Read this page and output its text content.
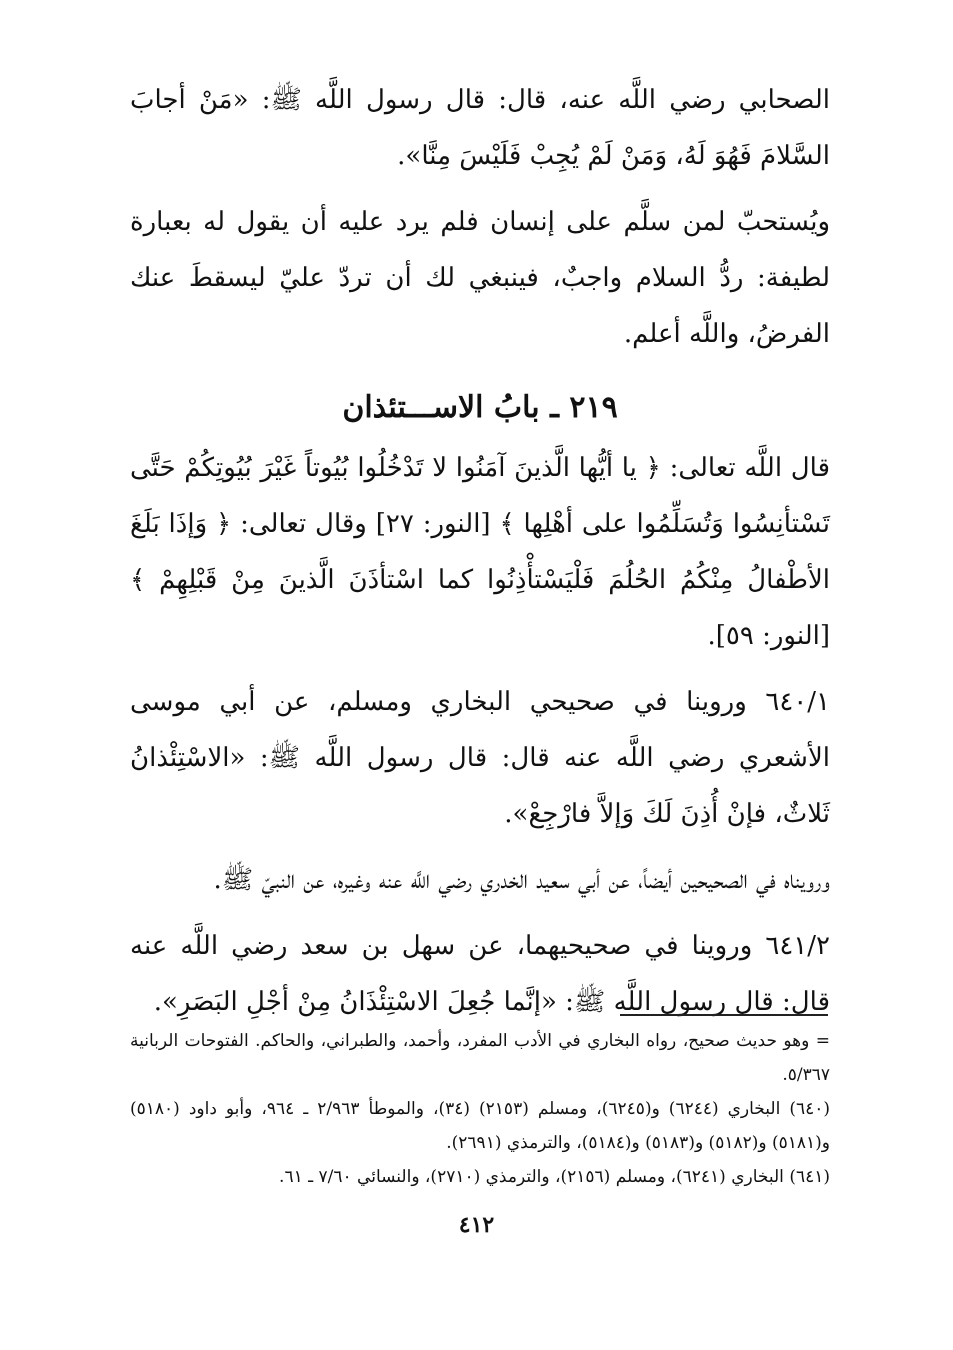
الصحابي رضي اللَّه عنه، قال: قال رسول اللَّه ﷺ: «مَنْ أجابَ السَّلامَ فَهُوَ لَهُ، وَمَنْ لَمْ يُجِبْ فَلَيْسَ مِنَّا».

ويُستحبّ لمن سلَّم على إنسان فلم يرد عليه أن يقول له بعبارة لطيفة: ردُّ السلام واجبٌ، فينبغي لك أن تردّ عليّ ليسقطَ عنك الفرضُ، واللَّه أعلم.

٢١٩ ـ بابُ الاســـتئذان

قال اللَّه تعالى: ﴿ يا أيُّها الَّذينَ آمَنُوا لا تَدْخُلُوا بُيُوتاً غَيْرَ بُيُوتِكُمْ حَتَّى تَسْتأنِسُوا وَتُسَلِّمُوا على أهْلِها ﴾ [النور: ٢٧] وقال تعالى: ﴿ وَإذَا بَلَغَ الأطْفالُ مِنْكُمُ الحُلُمَ فَلْيَسْتأْذِنُوا كما اسْتأذَنَ الَّذينَ مِنْ قَبْلِهِمْ ﴾ [النور: ٥٩].

٦٤٠/١ وروينا في صحيحي البخاري ومسلم، عن أبي موسى الأشعري رضي اللَّه عنه قال: قال رسول اللَّه ﷺ: «الاسْتِئْذانُ ثَلاثٌ، فإنْ أُذِنَ لَكَ وَإلاَّ فارْجِعْ».

ورويناه في الصحيحين أيضاً، عن أبي سعيد الخدري رضي اللَّه عنه وغيره، عن النبيّ ﷺ.

٦٤١/٢ وروينا في صحيحيهما، عن سهل بن سعد رضي اللَّه عنه قال: قال رسول اللَّه ﷺ: «إنَّما جُعِلَ الاسْتِئْذَانُ مِنْ أجْلِ البَصَرِ».

= وهو حديث صحيح، رواه البخاري في الأدب المفرد، وأحمد، والطبراني، والحاكم. الفتوحات الربانية ٥/٣٦٧.

(٦٤٠) البخاري (٦٢٤٤) و(٦٢٤٥)، ومسلم (٢١٥٣) (٣٤)، والموطأ ٢/٩٦٣ ـ ٩٦٤، وأبو داود (٥١٨٠) و(٥١٨١) و(٥١٨٢) و(٥١٨٣) و(٥١٨٤)، والترمذي (٢٦٩١).

(٦٤١) البخاري (٦٢٤١)، ومسلم (٢١٥٦)، والترمذي (٢٧١٠)، والنسائي ٧/٦٠ ـ ٦١.

٤١٢
